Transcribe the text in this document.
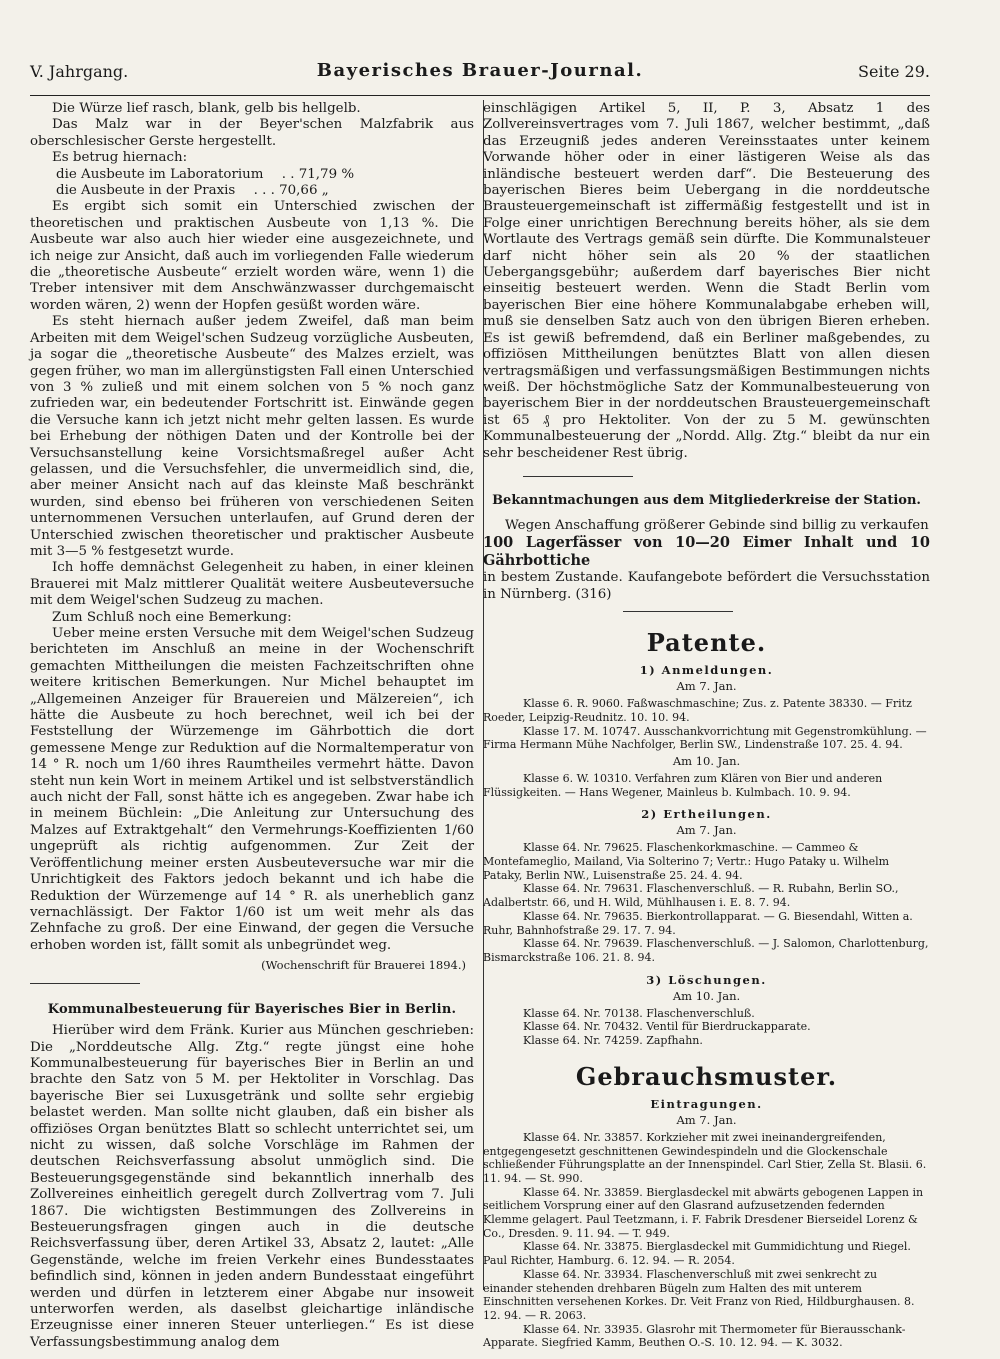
V. Jahrgang.	Bayerisches Brauer-Journal.	Seite 29.

Die Würze lief rasch, blank, gelb bis hellgelb.

Das Malz war in der Beyer'schen Malzfabrik aus oberschlesischer Gerste hergestellt.

Es betrug hiernach:

die Ausbeute im Laboratorium . . 71,79 %
die Ausbeute in der Praxis . . . 70,66 „

Es ergibt sich somit ein Unterschied zwischen der theoretischen und praktischen Ausbeute von 1,13 %. Die Ausbeute war also auch hier wieder eine ausgezeichnete, und ich neige zur Ansicht, daß auch im vorliegenden Falle wiederum die „theoretische Ausbeute“ erzielt worden wäre, wenn 1) die Treber intensiver mit dem Anschwänzwasser durchgemaischt worden wären, 2) wenn der Hopfen gesüßt worden wäre.

Es steht hiernach außer jedem Zweifel, daß man beim Arbeiten mit dem Weigel'schen Sudzeug vorzügliche Ausbeuten, ja sogar die „theoretische Ausbeute“ des Malzes erzielt, was gegen früher, wo man im allergünstigsten Fall einen Unterschied von 3 % zuließ und mit einem solchen von 5 % noch ganz zufrieden war, ein bedeutender Fortschritt ist. Einwände gegen die Versuche kann ich jetzt nicht mehr gelten lassen. Es wurde bei Erhebung der nöthigen Daten und der Kontrolle bei der Versuchsanstellung keine Vorsichtsmaßregel außer Acht gelassen, und die Versuchsfehler, die unvermeidlich sind, die, aber meiner Ansicht nach auf das kleinste Maß beschränkt wurden, sind ebenso bei früheren von verschiedenen Seiten unternommenen Versuchen unterlaufen, auf Grund deren der Unterschied zwischen theoretischer und praktischer Ausbeute mit 3—5 % festgesetzt wurde.

Ich hoffe demnächst Gelegenheit zu haben, in einer kleinen Brauerei mit Malz mittlerer Qualität weitere Ausbeuteversuche mit dem Weigel'schen Sudzeug zu machen.

Zum Schluß noch eine Bemerkung:

Ueber meine ersten Versuche mit dem Weigel'schen Sudzeug berichteten im Anschluß an meine in der Wochenschrift gemachten Mittheilungen die meisten Fachzeitschriften ohne weitere kritischen Bemerkungen. Nur Michel behauptet im „Allgemeinen Anzeiger für Brauereien und Mälzereien“, ich hätte die Ausbeute zu hoch berechnet, weil ich bei der Feststellung der Würzemenge im Gährbottich die dort gemessene Menge zur Reduktion auf die Normaltemperatur von 14 ° R. noch um 1/60 ihres Raumtheiles vermehrt hätte. Davon steht nun kein Wort in meinem Artikel und ist selbstverständlich auch nicht der Fall, sonst hätte ich es angegeben. Zwar habe ich in meinem Büchlein: „Die Anleitung zur Untersuchung des Malzes auf Extraktgehalt“ den Vermehrungs-Koeffizienten 1/60 ungeprüft als richtig aufgenommen. Zur Zeit der Veröffentlichung meiner ersten Ausbeuteversuche war mir die Unrichtigkeit des Faktors jedoch bekannt und ich habe die Reduktion der Würzemenge auf 14 ° R. als unerheblich ganz vernachlässigt. Der Faktor 1/60 ist um weit mehr als das Zehnfache zu groß. Der eine Einwand, der gegen die Versuche erhoben worden ist, fällt somit als unbegründet weg.

(Wochenschrift für Brauerei 1894.)
Kommunalbesteuerung für Bayerisches Bier in Berlin.

Hierüber wird dem Fränk. Kurier aus München geschrieben: Die „Norddeutsche Allg. Ztg.“ regte jüngst eine hohe Kommunalbesteuerung für bayerisches Bier in Berlin an und brachte den Satz von 5 M. per Hektoliter in Vorschlag. Das bayerische Bier sei Luxusgetränk und sollte sehr ergiebig belastet werden. Man sollte nicht glauben, daß ein bisher als offiziöses Organ benütztes Blatt so schlecht unterrichtet sei, um nicht zu wissen, daß solche Vorschläge im Rahmen der deutschen Reichsverfassung absolut unmöglich sind. Die Besteuerungsgegenstände sind bekanntlich innerhalb des Zollvereines einheitlich geregelt durch Zollvertrag vom 7. Juli 1867. Die wichtigsten Bestimmungen des Zollvereins in Besteuerungsfragen gingen auch in die deutsche Reichsverfassung über, deren Artikel 33, Absatz 2, lautet: „Alle Gegenstände, welche im freien Verkehr eines Bundesstaates befindlich sind, können in jeden andern Bundesstaat eingeführt werden und dürfen in letzterem einer Abgabe nur insoweit unterworfen werden, als daselbst gleichartige inländische Erzeugnisse einer inneren Steuer unterliegen.“ Es ist diese Verfassungsbestimmung analog dem

einschlägigen Artikel 5, II, P. 3, Absatz 1 des Zollvereinsvertrages vom 7. Juli 1867, welcher bestimmt, „daß das Erzeugniß jedes anderen Vereinsstaates unter keinem Vorwande höher oder in einer lästigeren Weise als das inländische besteuert werden darf“. Die Besteuerung des bayerischen Bieres beim Uebergang in die norddeutsche Brausteuergemeinschaft ist ziffermäßig festgestellt und ist in Folge einer unrichtigen Berechnung bereits höher, als sie dem Wortlaute des Vertrags gemäß sein dürfte. Die Kommunalsteuer darf nicht höher sein als 20 % der staatlichen Uebergangsgebühr; außerdem darf bayerisches Bier nicht einseitig besteuert werden. Wenn die Stadt Berlin vom bayerischen Bier eine höhere Kommunalabgabe erheben will, muß sie denselben Satz auch von den übrigen Bieren erheben. Es ist gewiß befremdend, daß ein Berliner maßgebendes, zu offiziösen Mittheilungen benütztes Blatt von allen diesen vertragsmäßigen und verfassungsmäßigen Bestimmungen nichts weiß. Der höchstmögliche Satz der Kommunalbesteuerung von bayerischem Bier in der norddeutschen Brausteuergemeinschaft ist 65 ₰ pro Hektoliter. Von der zu 5 M. gewünschten Kommunalbesteuerung der „Nordd. Allg. Ztg.“ bleibt da nur ein sehr bescheidener Rest übrig.

Bekanntmachungen aus dem Mitgliederkreise der Station.

Wegen Anschaffung größerer Gebinde sind billig zu verkaufen

100 Lagerfässer von 10—20 Eimer Inhalt und 10 Gährbottiche

in bestem Zustande. Kaufangebote befördert die Versuchsstation in Nürnberg. (316)

Patente.
1) Anmeldungen.
Am 7. Jan.

Klasse 6. R. 9060. Faßwaschmaschine; Zus. z. Patente 38330. — Fritz Roeder, Leipzig-Reudnitz. 10. 10. 94.

Klasse 17. M. 10747. Ausschankvorrichtung mit Gegenstromkühlung. — Firma Hermann Mühe Nachfolger, Berlin SW., Lindenstraße 107. 25. 4. 94.

Am 10. Jan.

Klasse 6. W. 10310. Verfahren zum Klären von Bier und anderen Flüssigkeiten. — Hans Wegener, Mainleus b. Kulmbach. 10. 9. 94.

2) Ertheilungen.
Am 7. Jan.

Klasse 64. Nr. 79625. Flaschenkorkmaschine. — Cammeo & Montefameglio, Mailand, Via Solterino 7; Vertr.: Hugo Pataky u. Wilhelm Pataky, Berlin NW., Luisenstraße 25. 24. 4. 94.

Klasse 64. Nr. 79631. Flaschenverschluß. — R. Rubahn, Berlin SO., Adalbertstr. 66, und H. Wild, Mühlhausen i. E. 8. 7. 94.

Klasse 64. Nr. 79635. Bierkontrollapparat. — G. Biesendahl, Witten a. Ruhr, Bahnhofstraße 29. 17. 7. 94.

Klasse 64. Nr. 79639. Flaschenverschluß. — J. Salomon, Charlottenburg, Bismarckstraße 106. 21. 8. 94.

3) Löschungen.
Am 10. Jan.

Klasse 64. Nr. 70138. Flaschenverschluß.

Klasse 64. Nr. 70432. Ventil für Bierdruckapparate.

Klasse 64. Nr. 74259. Zapfhahn.

Gebrauchsmuster.
Eintragungen.
Am 7. Jan.

Klasse 64. Nr. 33857. Korkzieher mit zwei ineinandergreifenden, entgegengesetzt geschnittenen Gewindespindeln und die Glockenschale schließender Führungsplatte an der Innenspindel. Carl Stier, Zella St. Blasii. 6. 11. 94. — St. 990.

Klasse 64. Nr. 33859. Bierglasdeckel mit abwärts gebogenen Lappen in seitlichem Vorsprung einer auf den Glasrand aufzusetzenden federnden Klemme gelagert. Paul Teetzmann, i. F. Fabrik Dresdener Bierseidel Lorenz & Co., Dresden. 9. 11. 94. — T. 949.

Klasse 64. Nr. 33875. Bierglasdeckel mit Gummidichtung und Riegel. Paul Richter, Hamburg. 6. 12. 94. — R. 2054.

Klasse 64. Nr. 33934. Flaschenverschluß mit zwei senkrecht zu einander stehenden drehbaren Bügeln zum Halten des mit unterem Einschnitten versehenen Korkes. Dr. Veit Franz von Ried, Hildburghausen. 8. 12. 94. — R. 2063.

Klasse 64. Nr. 33935. Glasrohr mit Thermometer für Bierausschank-Apparate. Siegfried Kamm, Beuthen O.-S. 10. 12. 94. — K. 3032.
